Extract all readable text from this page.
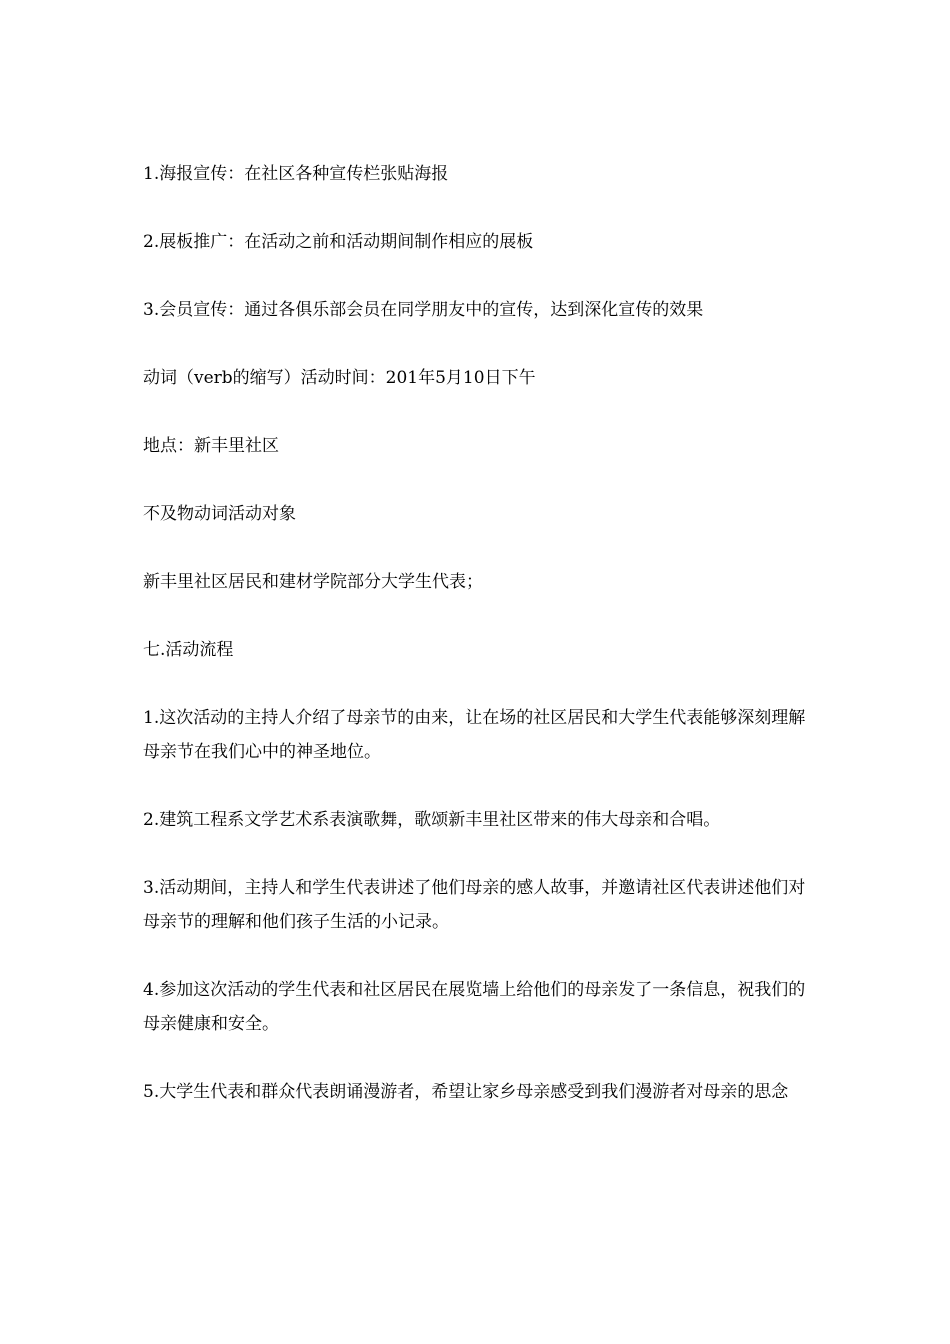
1.海报宣传：在社区各种宣传栏张贴海报

2.展板推广：在活动之前和活动期间制作相应的展板

3.会员宣传：通过各俱乐部会员在同学朋友中的宣传，达到深化宣传的效果

动词（verb的缩写）活动时间：201年5月10日下午

地点：新丰里社区

不及物动词活动对象

新丰里社区居民和建材学院部分大学生代表；

七.活动流程

1.这次活动的主持人介绍了母亲节的由来，让在场的社区居民和大学生代表能够深刻理解母亲节在我们心中的神圣地位。

2.建筑工程系文学艺术系表演歌舞，歌颂新丰里社区带来的伟大母亲和合唱。

3.活动期间，主持人和学生代表讲述了他们母亲的感人故事，并邀请社区代表讲述他们对母亲节的理解和他们孩子生活的小记录。

4.参加这次活动的学生代表和社区居民在展览墙上给他们的母亲发了一条信息，祝我们的母亲健康和安全。

5.大学生代表和群众代表朗诵漫游者，希望让家乡母亲感受到我们漫游者对母亲的思念
